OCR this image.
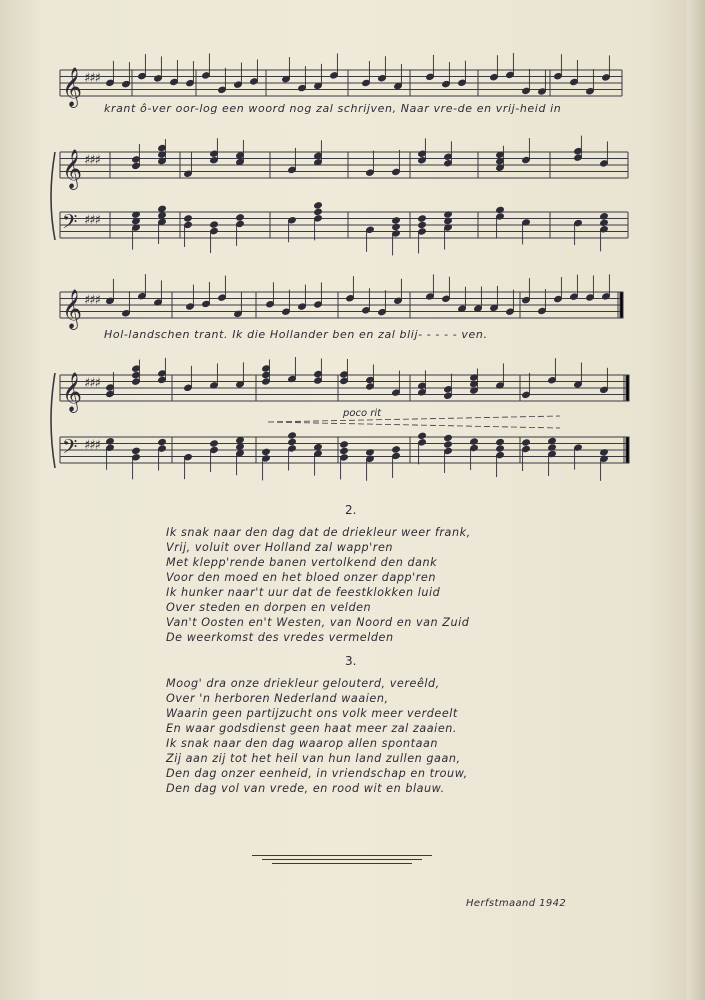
𝄞 ♯♯♯
𝄞 ♯♯♯
𝄢 ♯♯♯
𝄞 ♯♯♯
𝄞 ♯♯♯
𝄢 ♯♯♯
krant ô-ver oor-log een woord nog zal schrijven, Naar vre-de en vrij-heid in
Hol-landschen trant. Ik die Hollander ben en zal blij- - - - - ven.
poco rit
2.
Ik snak naar den dag dat de driekleur weer frank,
Vrij, voluit over Holland zal wapp'ren
Met klepp'rende banen vertolkend den dank
Voor den moed en het bloed onzer dapp'ren
Ik hunker naar't uur dat de feestklokken luid
Over steden en dorpen en velden
Van't Oosten en't Westen, van Noord en van Zuid
De weerkomst des vredes vermelden
3.
Moog' dra onze driekleur gelouterd, vereêld,
Over 'n herboren Nederland waaien,
Waarin geen partijzucht ons volk meer verdeelt
En waar godsdienst geen haat meer zal zaaien.
Ik snak naar den dag waarop allen spontaan
Zij aan zij tot het heil van hun land zullen gaan,
Den dag onzer eenheid, in vriendschap en trouw,
Den dag vol van vrede, en rood wit en blauw.
Herfstmaand 1942
